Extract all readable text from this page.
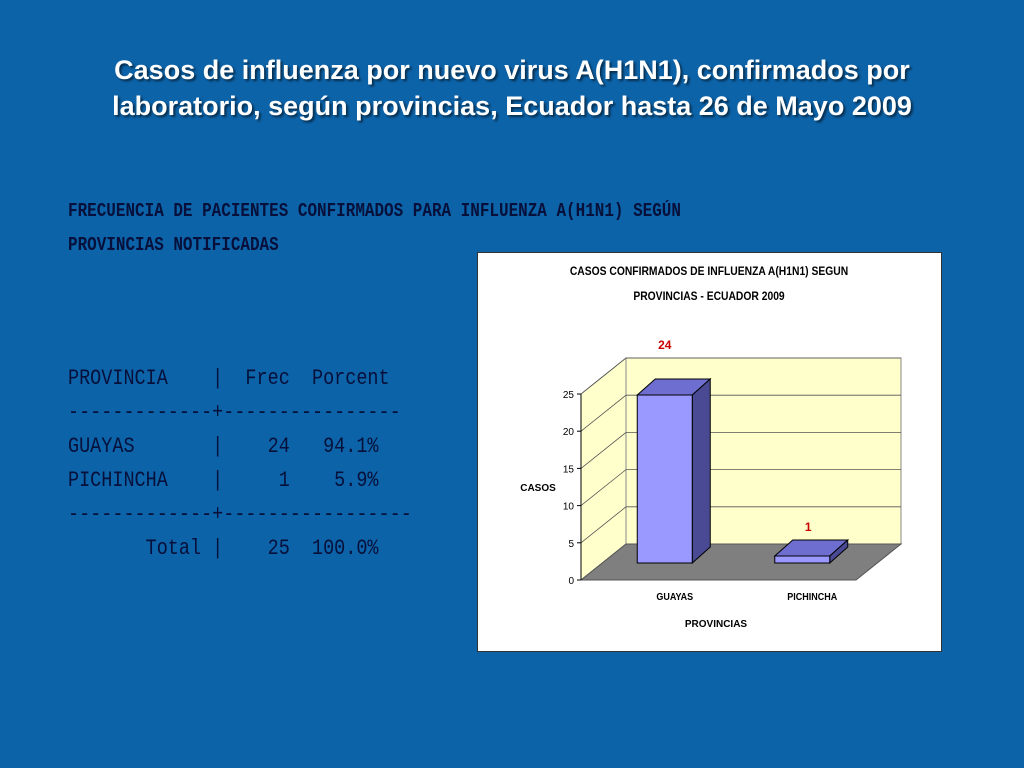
Casos de influenza por nuevo virus A(H1N1), confirmados por
laboratorio, según provincias, Ecuador hasta 26 de Mayo 2009
FRECUENCIA DE PACIENTES CONFIRMADOS PARA INFLUENZA A(H1N1) SEGÚN
PROVINCIAS NOTIFICADAS
PROVINCIA    |  Frec  Porcent
-------------+----------------
GUAYAS       |    24   94.1%
PICHINCHA    |     1    5.9%
-------------+-----------------
Total |    25  100.0%
CASOS CONFIRMADOS DE INFLUENZA A(H1N1) SEGUN
PROVINCIAS - ECUADOR 2009
0
5
10
15
20
25
24
GUAYAS
1
PICHINCHA
CASOS
PROVINCIAS
